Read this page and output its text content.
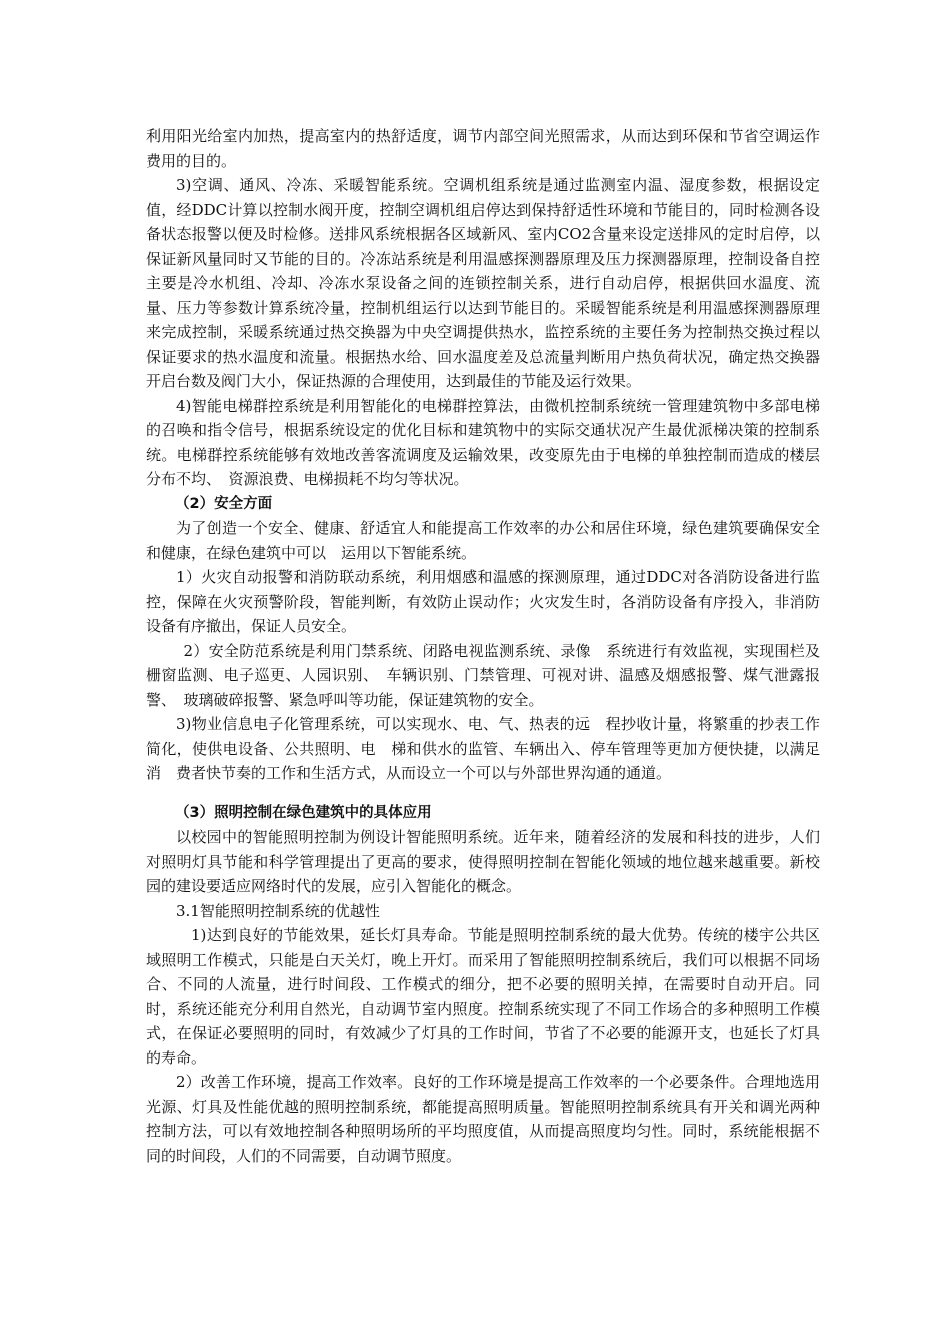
利用阳光给室内加热，提高室内的热舒适度，调节内部空间光照需求，从而达到环保和节省空调运作费用的目的。

3)空调、通风、冷冻、采暖智能系统。空调机组系统是通过监测室内温、湿度参数，根据设定值，经DDC计算以控制水阀开度，控制空调机组启停达到保持舒适性环境和节能目的，同时检测各设备状态报警以便及时检修。送排风系统根据各区域新风、室内CO2含量来设定送排风的定时启停，以保证新风量同时又节能的目的。冷冻站系统是利用温感探测器原理及压力探测器原理，控制设备自控主要是冷水机组、冷却、冷冻水泵设备之间的连锁控制关系，进行自动启停，根据供回水温度、流量、压力等参数计算系统冷量，控制机组运行以达到节能目的。采暖智能系统是利用温感探测器原理来完成控制，采暖系统通过热交换器为中央空调提供热水，监控系统的主要任务为控制热交换过程以保证要求的热水温度和流量。根据热水给、回水温度差及总流量判断用户热负荷状况，确定热交换器开启台数及阀门大小，保证热源的合理使用，达到最佳的节能及运行效果。

4)智能电梯群控系统是利用智能化的电梯群控算法，由微机控制系统统一管理建筑物中多部电梯的召唤和指令信号，根据系统设定的优化目标和建筑物中的实际交通状况产生最优派梯决策的控制系统。电梯群控系统能够有效地改善客流调度及运输效果，改变原先由于电梯的单独控制而造成的楼层分布不均、　资源浪费、电梯损耗不均匀等状况。

（2）安全方面

为了创造一个安全、健康、舒适宜人和能提高工作效率的办公和居住环境，绿色建筑要确保安全和健康，在绿色建筑中可以　运用以下智能系统。

1）火灾自动报警和消防联动系统，利用烟感和温感的探测原理，通过DDC对各消防设备进行监控，保障在火灾预警阶段，智能判断，有效防止误动作；火灾发生时，各消防设备有序投入，非消防设备有序撤出，保证人员安全。

2）安全防范系统是利用门禁系统、闭路电视监测系统、录像　系统进行有效监视，实现围栏及栅窗监测、电子巡更、人园识别、　车辆识别、门禁管理、可视对讲、温感及烟感报警、煤气泄露报警、　玻璃破碎报警、紧急呼叫等功能，保证建筑物的安全。

3)物业信息电子化管理系统，可以实现水、电、气、热表的远　程抄收计量，将繁重的抄表工作简化，使供电设备、公共照明、电　梯和供水的监管、车辆出入、停车管理等更加方便快捷，以满足消　费者快节奏的工作和生活方式，从而设立一个可以与外部世界沟通的通道。

（3）照明控制在绿色建筑中的具体应用

以校园中的智能照明控制为例设计智能照明系统。近年来，随着经济的发展和科技的进步，人们对照明灯具节能和科学管理提出了更高的要求，使得照明控制在智能化领域的地位越来越重要。新校园的建设要适应网络时代的发展，应引入智能化的概念。

3.1智能照明控制系统的优越性

1)达到良好的节能效果，延长灯具寿命。节能是照明控制系统的最大优势。传统的楼宇公共区域照明工作模式，只能是白天关灯，晚上开灯。而采用了智能照明控制系统后，我们可以根据不同场合、不同的人流量，进行时间段、工作模式的细分，把不必要的照明关掉，在需要时自动开启。同时，系统还能充分利用自然光，自动调节室内照度。控制系统实现了不同工作场合的多种照明工作模式，在保证必要照明的同时，有效减少了灯具的工作时间，节省了不必要的能源开支，也延长了灯具的寿命。

2）改善工作环境，提高工作效率。良好的工作环境是提高工作效率的一个必要条件。合理地选用光源、灯具及性能优越的照明控制系统，都能提高照明质量。智能照明控制系统具有开关和调光两种控制方法，可以有效地控制各种照明场所的平均照度值，从而提高照度均匀性。同时，系统能根据不同的时间段，人们的不同需要，自动调节照度。
